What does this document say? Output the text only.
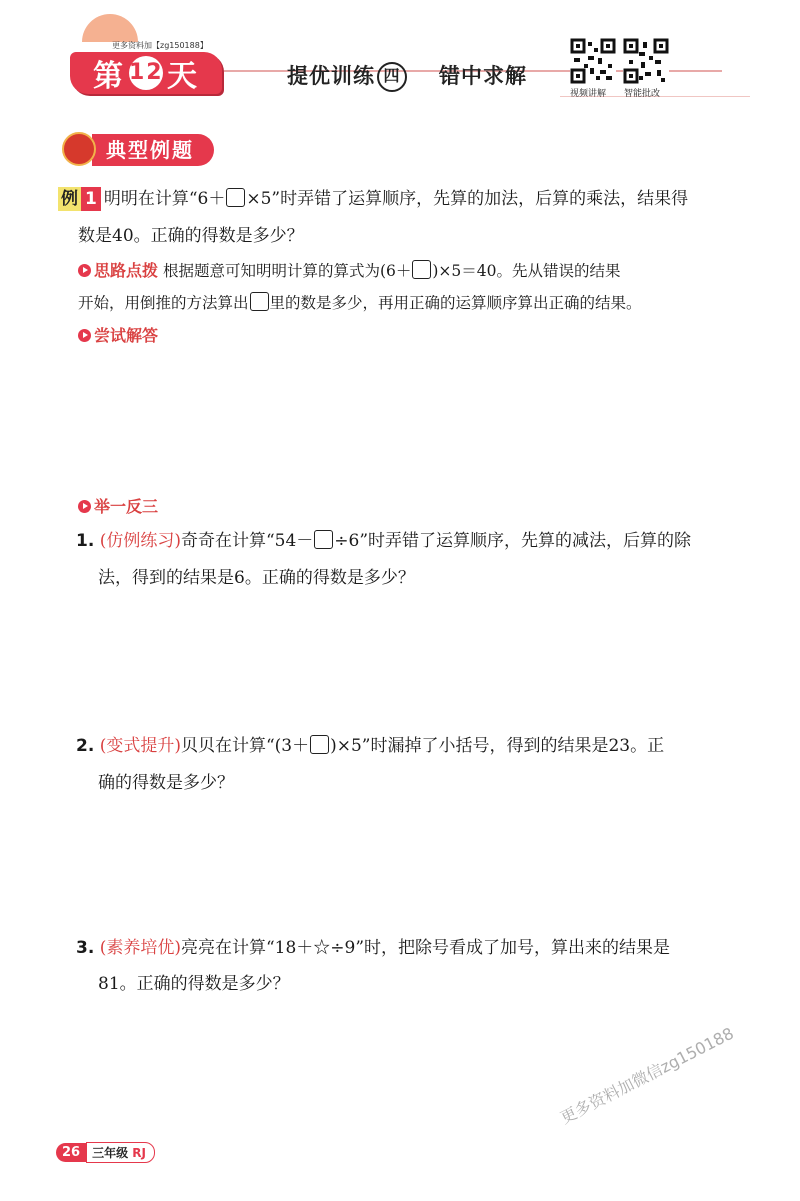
更多资料加【zg150188】
第 12 天	提优训练 四 错中求解
视频讲解 智能批改
典型例题
例 1 明明在计算“6＋ ×5”时弄错了运算顺序，先算的加法，后算的乘法，结果得
数是40。正确的得数是多少？
思路点拨 根据题意可知明明计算的算式为(6＋ )×5＝40。先从错误的结果
开始，用倒推的方法算出 里的数是多少，再用正确的运算顺序算出正确的结果。
尝试解答
举一反三
1. (仿例练习)奇奇在计算“54－ ÷6”时弄错了运算顺序，先算的减法，后算的除
法，得到的结果是6。正确的得数是多少？
2. (变式提升)贝贝在计算“(3＋ )×5”时漏掉了小括号，得到的结果是23。正
确的得数是多少？
3. (素养培优)亮亮在计算“18＋☆÷9”时，把除号看成了加号，算出来的结果是
81。正确的得数是多少？
更多资料加微信zg150188
26	三年级 RJ
